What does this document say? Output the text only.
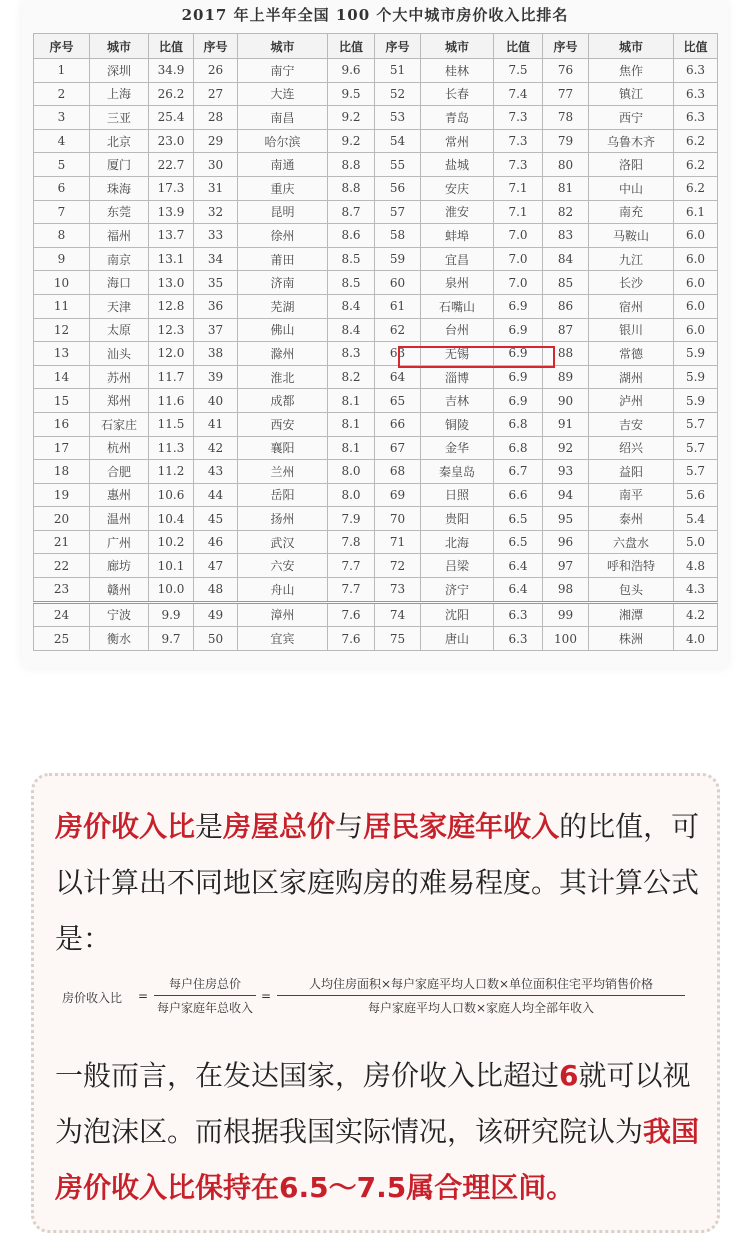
2017 年上半年全国 100 个大中城市房价收入比排名
序号	城市	比值	序号	城市	比值	序号	城市	比值	序号	城市	比值
1	深圳	34.9	26	南宁	9.6	51	桂林	7.5	76	焦作	6.3
2	上海	26.2	27	大连	9.5	52	长春	7.4	77	镇江	6.3
3	三亚	25.4	28	南昌	9.2	53	青岛	7.3	78	西宁	6.3
4	北京	23.0	29	哈尔滨	9.2	54	常州	7.3	79	乌鲁木齐	6.2
5	厦门	22.7	30	南通	8.8	55	盐城	7.3	80	洛阳	6.2
6	珠海	17.3	31	重庆	8.8	56	安庆	7.1	81	中山	6.2
7	东莞	13.9	32	昆明	8.7	57	淮安	7.1	82	南充	6.1
8	福州	13.7	33	徐州	8.6	58	蚌埠	7.0	83	马鞍山	6.0
9	南京	13.1	34	莆田	8.5	59	宜昌	7.0	84	九江	6.0
10	海口	13.0	35	济南	8.5	60	泉州	7.0	85	长沙	6.0
11	天津	12.8	36	芜湖	8.4	61	石嘴山	6.9	86	宿州	6.0
12	太原	12.3	37	佛山	8.4	62	台州	6.9	87	银川	6.0
13	汕头	12.0	38	滁州	8.3	63	无锡	6.9	88	常德	5.9
14	苏州	11.7	39	淮北	8.2	64	淄博	6.9	89	湖州	5.9
15	郑州	11.6	40	成都	8.1	65	吉林	6.9	90	泸州	5.9
16	石家庄	11.5	41	西安	8.1	66	铜陵	6.8	91	吉安	5.7
17	杭州	11.3	42	襄阳	8.1	67	金华	6.8	92	绍兴	5.7
18	合肥	11.2	43	兰州	8.0	68	秦皇岛	6.7	93	益阳	5.7
19	惠州	10.6	44	岳阳	8.0	69	日照	6.6	94	南平	5.6
20	温州	10.4	45	扬州	7.9	70	贵阳	6.5	95	泰州	5.4
21	广州	10.2	46	武汉	7.8	71	北海	6.5	96	六盘水	5.0
22	廊坊	10.1	47	六安	7.7	72	吕梁	6.4	97	呼和浩特	4.8
23	赣州	10.0	48	舟山	7.7	73	济宁	6.4	98	包头	4.3
24	宁波	9.9	49	漳州	7.6	74	沈阳	6.3	99	湘潭	4.2
25	衡水	9.7	50	宜宾	7.6	75	唐山	6.3	100	株洲	4.0
房价收入比是房屋总价与居民家庭年收入的比值，可以计算出不同地区家庭购房的难易程度。其计算公式是：
房价收入比 =
每户住房总价
每户家庭年总收入
=
人均住房面积×每户家庭平均人口数×单位面积住宅平均销售价格
每户家庭平均人口数×家庭人均全部年收入
一般而言，在发达国家，房价收入比超过6就可以视为泡沫区。而根据我国实际情况，该研究院认为我国房价收入比保持在6.5～7.5属合理区间。
